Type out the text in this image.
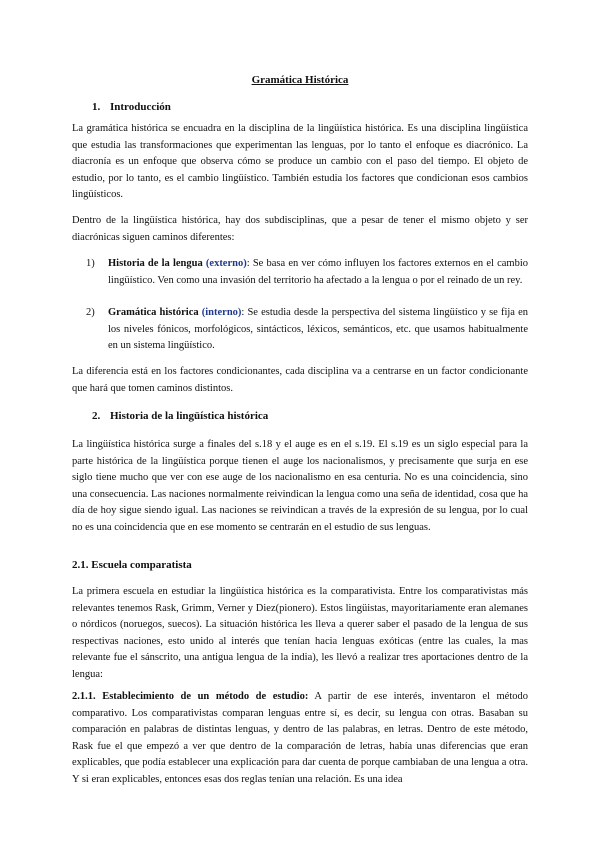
Gramática Histórica
1. Introducción

La gramática histórica se encuadra en la disciplina de la lingüística histórica. Es una disciplina lingüística que estudia las transformaciones que experimentan las lenguas, por lo tanto el enfoque es diacrónico. La diacronía es un enfoque que observa cómo se produce un cambio con el paso del tiempo. El objeto de estudio, por lo tanto, es el cambio lingüístico. También estudia los factores que condicionan esos cambios lingüísticos.

Dentro de la lingüística histórica, hay dos subdisciplinas, que a pesar de tener el mismo objeto y ser diacrónicas siguen caminos diferentes:

1) Historia de la lengua (externo): Se basa en ver cómo influyen los factores externos en el cambio lingüístico. Ven como una invasión del territorio ha afectado a la lengua o por el reinado de un rey.
2) Gramática histórica (interno): Se estudia desde la perspectiva del sistema lingüístico y se fija en los niveles fónicos, morfológicos, sintácticos, léxicos, semánticos, etc. que usamos habitualmente en un sistema lingüístico.

La diferencia está en los factores condicionantes, cada disciplina va a centrarse en un factor condicionante que hará que tomen caminos distintos.

2. Historia de la lingüística histórica

La lingüística histórica surge a finales del s.18 y el auge es en el s.19. El s.19 es un siglo especial para la parte histórica de la lingüística porque tienen el auge los nacionalismos, y precisamente que surja en ese siglo tiene mucho que ver con ese auge de los nacionalismo en esa centuria. No es una coincidencia, sino una consecuencia. Las naciones normalmente reivindican la lengua como una seña de identidad, cosa que ha día de hoy sigue siendo igual. Las naciones se reivindican a través de la expresión de su lengua, por lo cual no es una coincidencia que en ese momento se centrarán en el estudio de sus lenguas.

2.1. Escuela comparatista

La primera escuela en estudiar la lingüística histórica es la comparativista. Entre los comparativistas más relevantes tenemos Rask, Grimm, Verner y Diez(pionero). Estos lingüistas, mayoritariamente eran alemanes o nórdicos (noruegos, suecos). La situación histórica les lleva a querer saber el pasado de la lengua de sus respectivas naciones, esto unido al interés que tenían hacia lenguas exóticas (entre las cuales, la mas relevante fue el sánscrito, una antigua lengua de la india), les llevó a realizar tres aportaciones dentro de la lengua:

2.1.1. Establecimiento de un método de estudio: A partir de ese interés, inventaron el método comparativo. Los comparativistas comparan lenguas entre sí, es decir, su lengua con otras. Basaban su comparación en palabras de distintas lenguas, y dentro de las palabras, en letras. Dentro de este método, Rask fue el que empezó a ver que dentro de la comparación de letras, había unas diferencias que eran explicables, que podía establecer una explicación para dar cuenta de porque cambiaban de una lengua a otra. Y si eran explicables, entonces esas dos reglas tenían una relación. Es una idea
